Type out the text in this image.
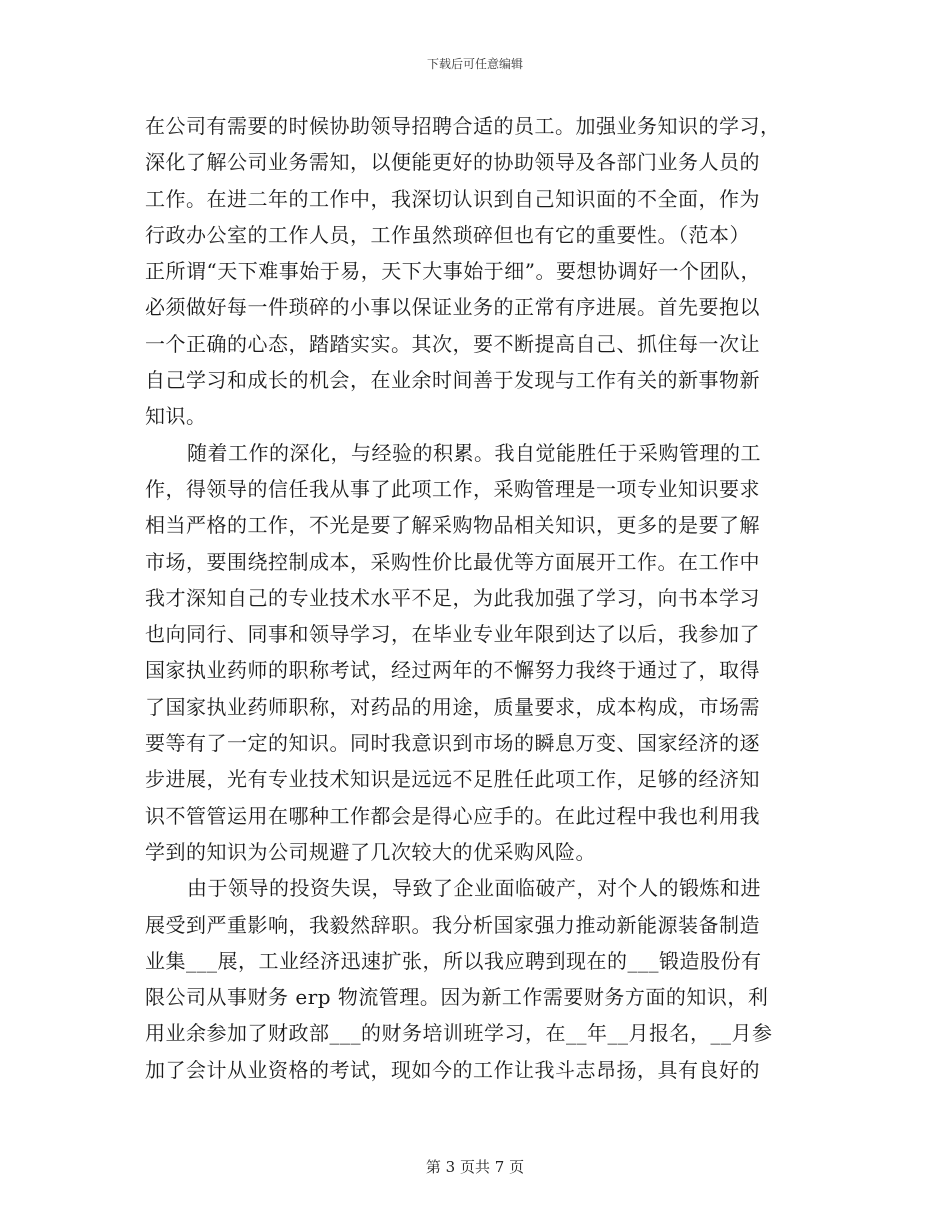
下载后可任意编辑
在公司有需要的时候协助领导招聘合适的员工。加强业务知识的学习，
深化了解公司业务需知，以便能更好的协助领导及各部门业务人员的
工作。在进二年的工作中，我深切认识到自己知识面的不全面，作为
行政办公室的工作人员，工作虽然琐碎但也有它的重要性。（范本）
正所谓“天下难事始于易，天下大事始于细”。要想协调好一个团队，
必须做好每一件琐碎的小事以保证业务的正常有序进展。首先要抱以
一个正确的心态，踏踏实实。其次，要不断提高自己、抓住每一次让
自己学习和成长的机会，在业余时间善于发现与工作有关的新事物新
知识。
随着工作的深化，与经验的积累。我自觉能胜任于采购管理的工
作，得领导的信任我从事了此项工作，采购管理是一项专业知识要求
相当严格的工作，不光是要了解采购物品相关知识，更多的是要了解
市场，要围绕控制成本，采购性价比最优等方面展开工作。在工作中
我才深知自己的专业技术水平不足，为此我加强了学习，向书本学习
也向同行、同事和领导学习，在毕业专业年限到达了以后，我参加了
国家执业药师的职称考试，经过两年的不懈努力我终于通过了，取得
了国家执业药师职称，对药品的用途，质量要求，成本构成，市场需
要等有了一定的知识。同时我意识到市场的瞬息万变、国家经济的逐
步进展，光有专业技术知识是远远不足胜任此项工作，足够的经济知
识不管管运用在哪种工作都会是得心应手的。在此过程中我也利用我
学到的知识为公司规避了几次较大的优采购风险。
由于领导的投资失误，导致了企业面临破产，对个人的锻炼和进
展受到严重影响，我毅然辞职。我分析国家强力推动新能源装备制造
业集___展，工业经济迅速扩张，所以我应聘到现在的___锻造股份有
限公司从事财务 erp 物流管理。因为新工作需要财务方面的知识，利
用业余参加了财政部___的财务培训班学习，在__年__月报名，__月参
加了会计从业资格的考试，现如今的工作让我斗志昂扬，具有良好的
第 3 页共 7 页
